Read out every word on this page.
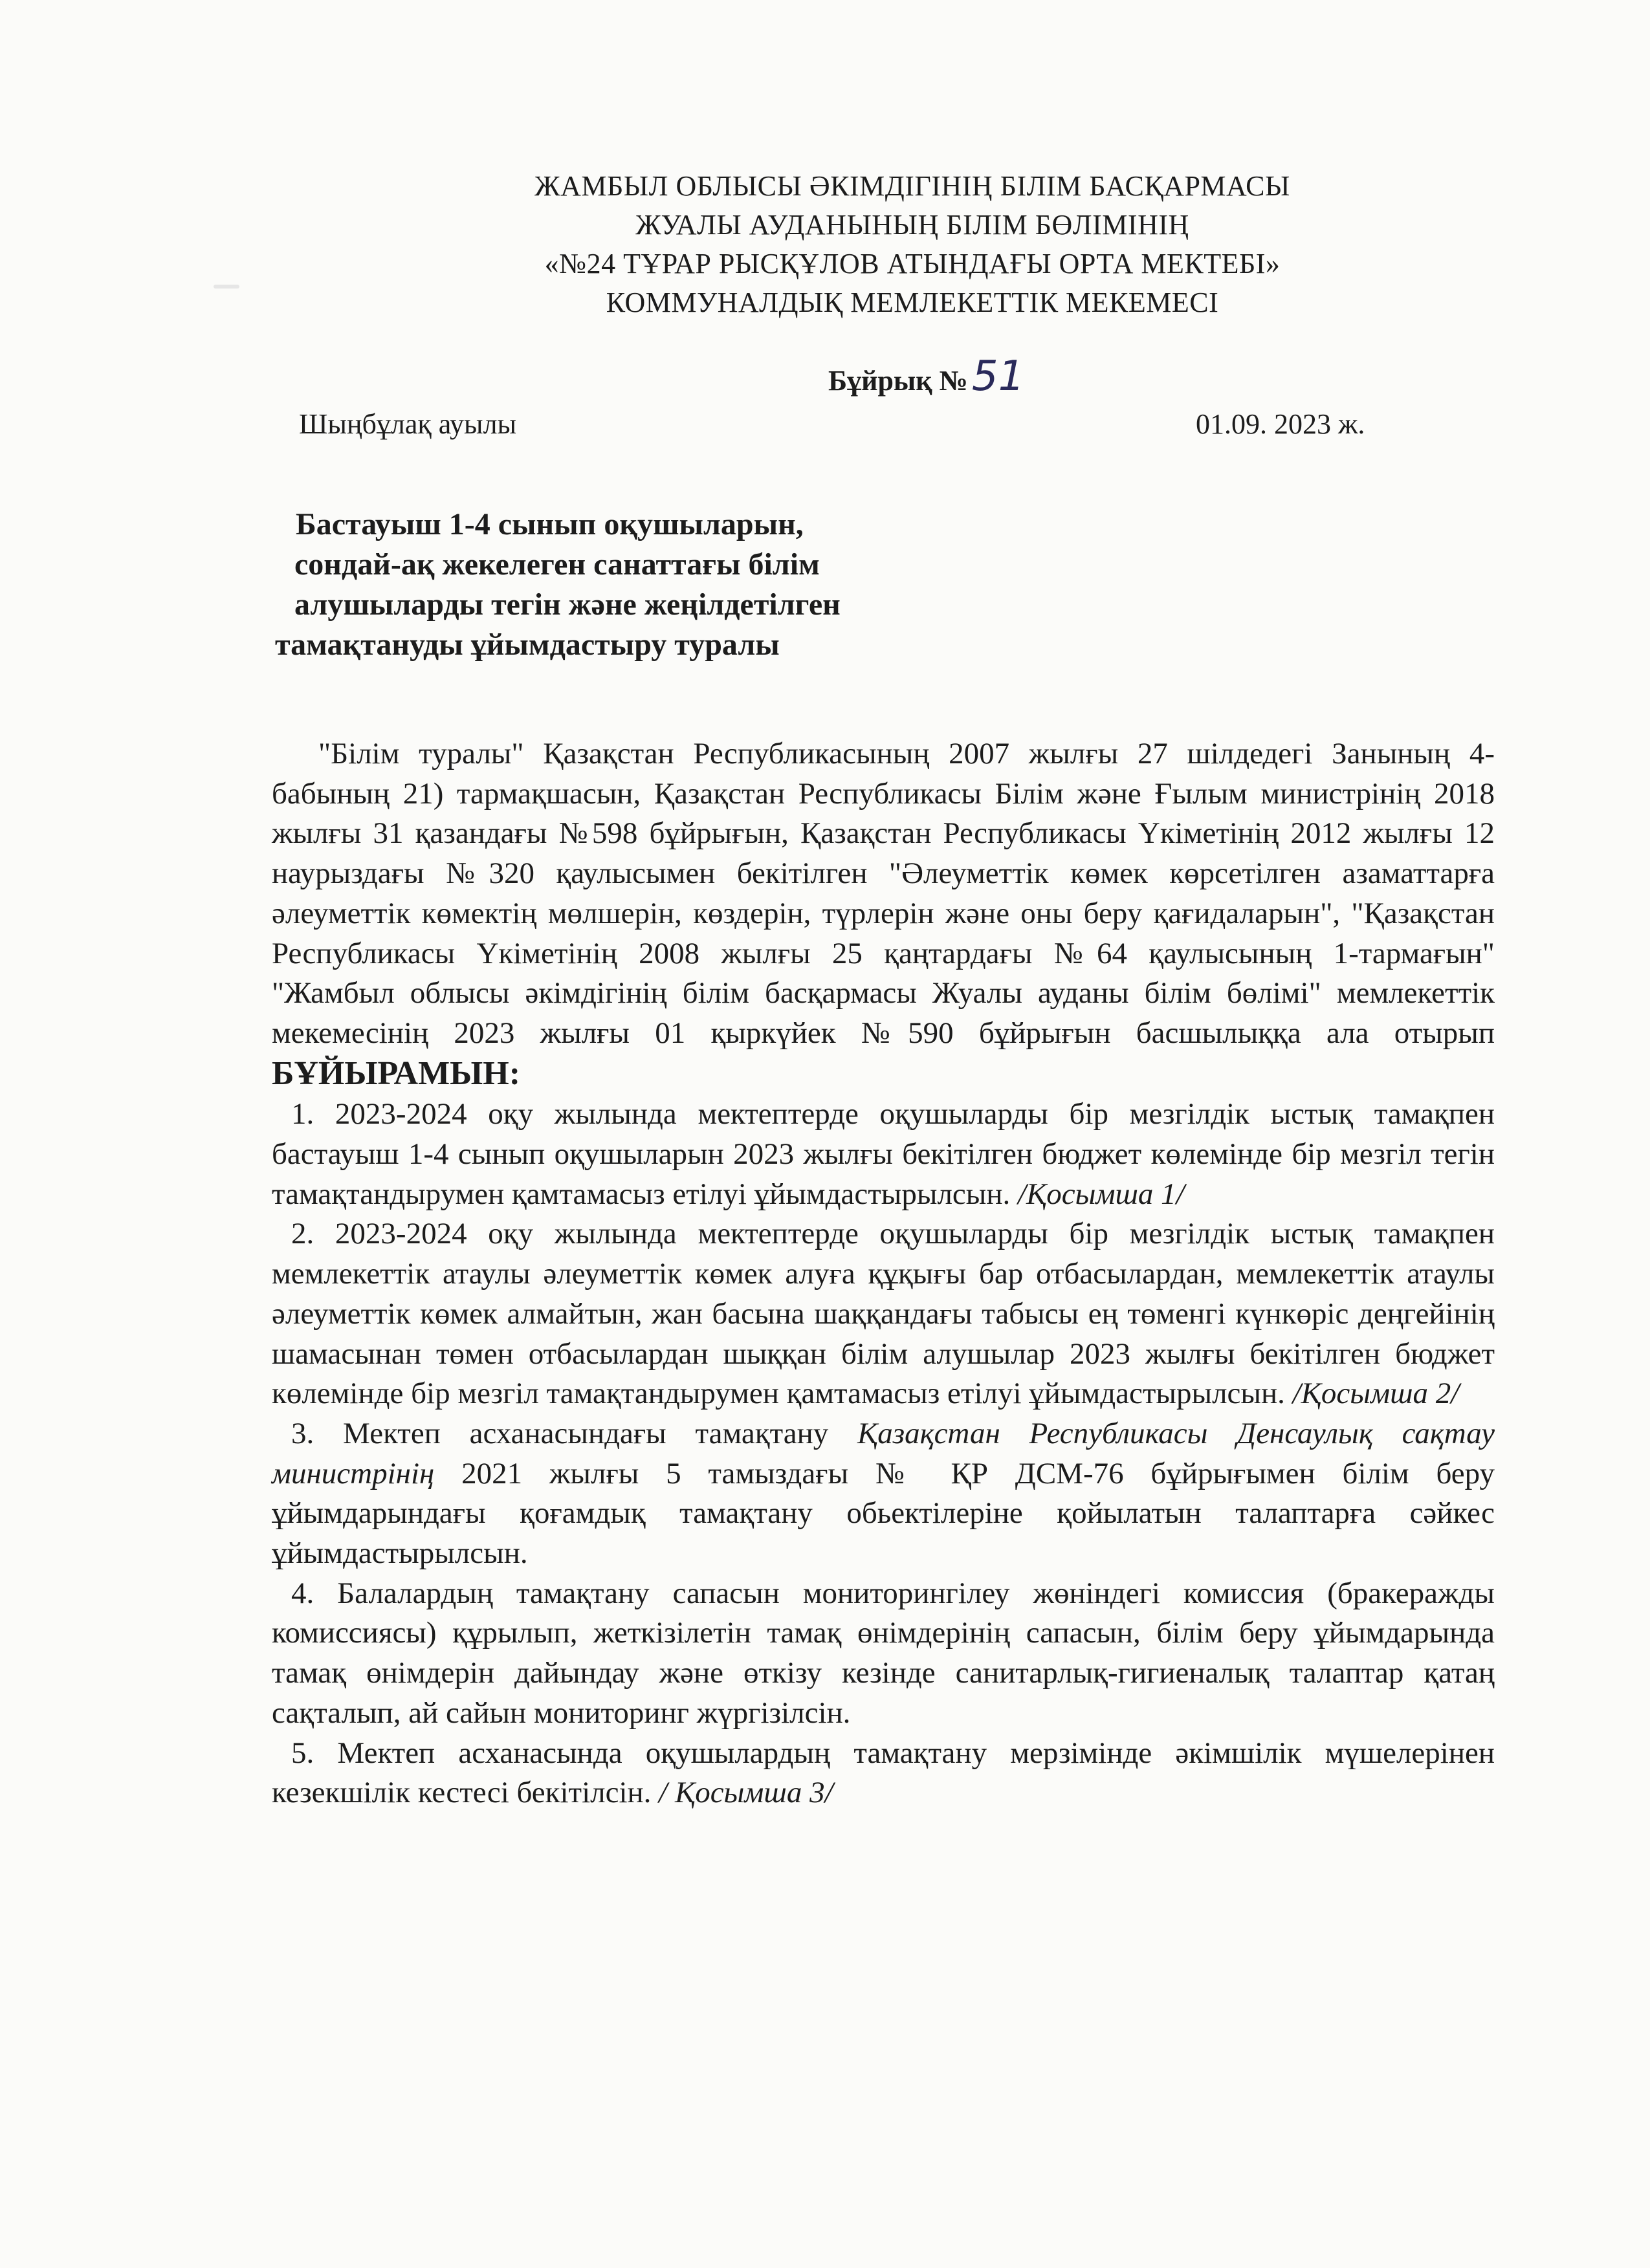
ЖАМБЫЛ ОБЛЫСЫ ӘКІМДІГІНІҢ БІЛІМ БАСҚАРМАСЫ
ЖУАЛЫ АУДАНЫНЫҢ БІЛІМ БӨЛІМІНІҢ
«№24 ТҰРАР РЫСҚҰЛОВ АТЫНДАҒЫ ОРТА МЕКТЕБІ»
КОММУНАЛДЫҚ МЕМЛЕКЕТТІК МЕКЕМЕСІ
Бұйрық №51
Шыңбұлақ ауылы	01.09. 2023 ж.
Бастауыш 1-4 сынып оқушыларын,
сондай-ақ жекелеген санаттағы білім
алушыларды тегін және жеңілдетілген
тамақтануды ұйымдастыру туралы

"Білім туралы" Қазақстан Республикасының 2007 жылғы 27 шілдедегі Занының 4-бабының 21) тармақшасын, Қазақстан Республикасы Білім және Ғылым министрінің 2018 жылғы 31 қазандағы №598 бұйрығын, Қазақстан Республикасы Үкіметінің 2012 жылғы 12 наурыздағы №320 қаулысымен бекітілген "Әлеуметтік көмек көрсетілген азаматтарға әлеуметтік көмектің мөлшерін, көздерін, түрлерін және оны беру қағидаларын", "Қазақстан Республикасы Үкіметінің 2008 жылғы 25 қаңтардағы №64 қаулысының 1-тармағын" "Жамбыл облысы әкімдігінің білім басқармасы Жуалы ауданы білім бөлімі" мемлекеттік мекемесінің 2023 жылғы 01 қыркүйек №590 бұйрығын басшылыққа ала отырып БҰЙЫРАМЫН:

1. 2023-2024 оқу жылында мектептерде оқушыларды бір мезгілдік ыстық тамақпен бастауыш 1-4 сынып оқушыларын 2023 жылғы бекітілген бюджет көлемінде бір мезгіл тегін тамақтандырумен қамтамасыз етілуі ұйымдастырылсын. /Қосымша 1/

2. 2023-2024 оқу жылында мектептерде оқушыларды бір мезгілдік ыстық тамақпен мемлекеттік атаулы әлеуметтік көмек алуға құқығы бар отбасылардан, мемлекеттік атаулы әлеуметтік көмек алмайтын, жан басына шаққандағы табысы ең төменгі күнкөріс деңгейінің шамасынан төмен отбасылардан шыққан білім алушылар 2023 жылғы бекітілген бюджет көлемінде бір мезгіл тамақтандырумен қамтамасыз етілуі ұйымдастырылсын. /Қосымша 2/

3. Мектеп асханасындағы тамақтану Қазақстан Республикасы Денсаулық сақтау министрінің 2021 жылғы 5 тамыздағы № ҚР ДСМ-76 бұйрығымен білім беру ұйымдарындағы қоғамдық тамақтану обьектілеріне қойылатын талаптарға сәйкес ұйымдастырылсын.

4. Балалардың тамақтану сапасын мониторингілеу жөніндегі комиссия (бракеражды комиссиясы) құрылып, жеткізілетін тамақ өнімдерінің сапасын, білім беру ұйымдарында тамақ өнімдерін дайындау және өткізу кезінде санитарлық-гигиеналық талаптар қатаң сақталып, ай сайын мониторинг жүргізілсін.

5. Мектеп асханасында оқушылардың тамақтану мерзімінде әкімшілік мүшелерінен кезекшілік кестесі бекітілсін. / Қосымша 3/
